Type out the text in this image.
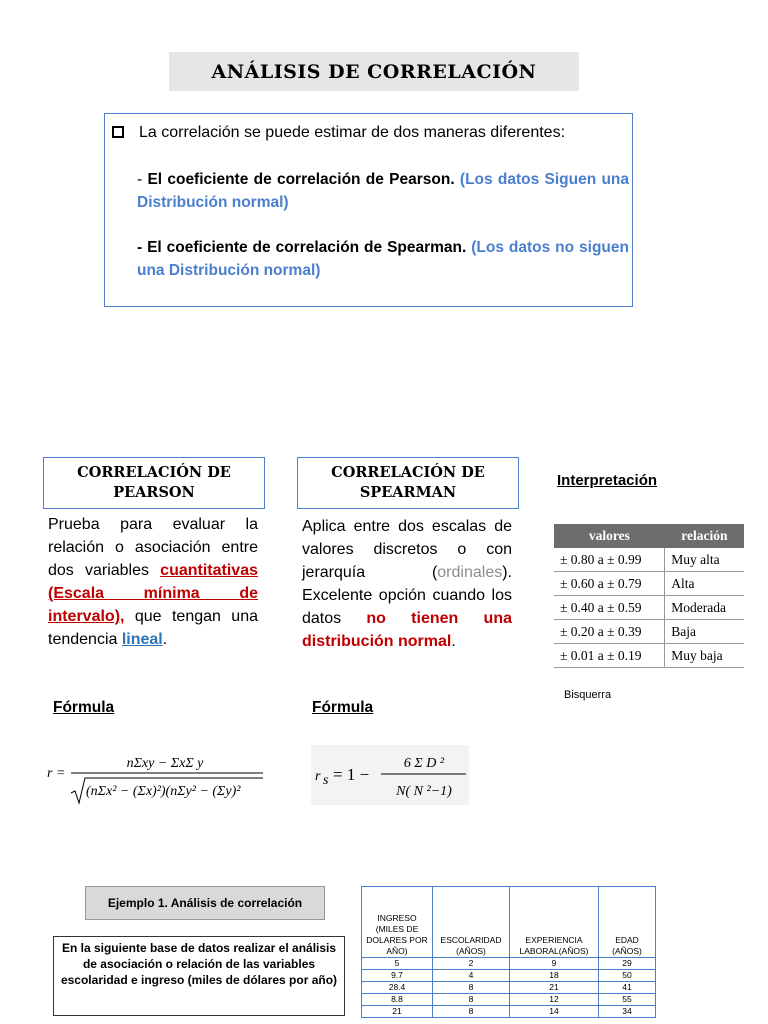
ANÁLISIS DE CORRELACIÓN
La correlación se puede estimar de dos maneras diferentes:
- El coeficiente de correlación de Pearson. (Los datos Siguen una Distribución normal)
- El coeficiente de correlación de Spearman. (Los datos no siguen una Distribución normal)
CORRELACIÓN DE PEARSON
Prueba para evaluar la relación o asociación entre dos variables cuantitativas (Escala mínima de intervalo), que tengan una tendencia lineal.
Fórmula
r =
nΣxy − ΣxΣ y
(nΣx² − (Σx)²)(nΣy² − (Σy)²
CORRELACIÓN DE SPEARMAN
Aplica entre dos escalas de valores discretos o con jerarquía (ordinales). Excelente opción cuando los datos no tienen una distribución normal.
Fórmula
r s = 1 −
6 Σ D ²
N( N ²−1)
Interpretación
valores	relación
± 0.80 a ± 0.99	Muy alta
± 0.60 a ± 0.79	Alta
± 0.40 a ± 0.59	Moderada
± 0.20 a ± 0.39	Baja
± 0.01 a ± 0.19	Muy baja
Bisquerra
Ejemplo 1. Análisis de correlación
En la siguiente base de datos realizar el análisis de asociación o relación de las variables escolaridad e ingreso (miles de dólares por año)
INGRESO (MILES DE DOLARES POR AÑO)	ESCOLARIDAD (AÑOS)	EXPERIENCIA LABORAL(AÑOS)	EDAD (AÑOS)
5	2	9	29
9.7	4	18	50
28.4	8	21	41
8.8	8	12	55
21	8	14	34
